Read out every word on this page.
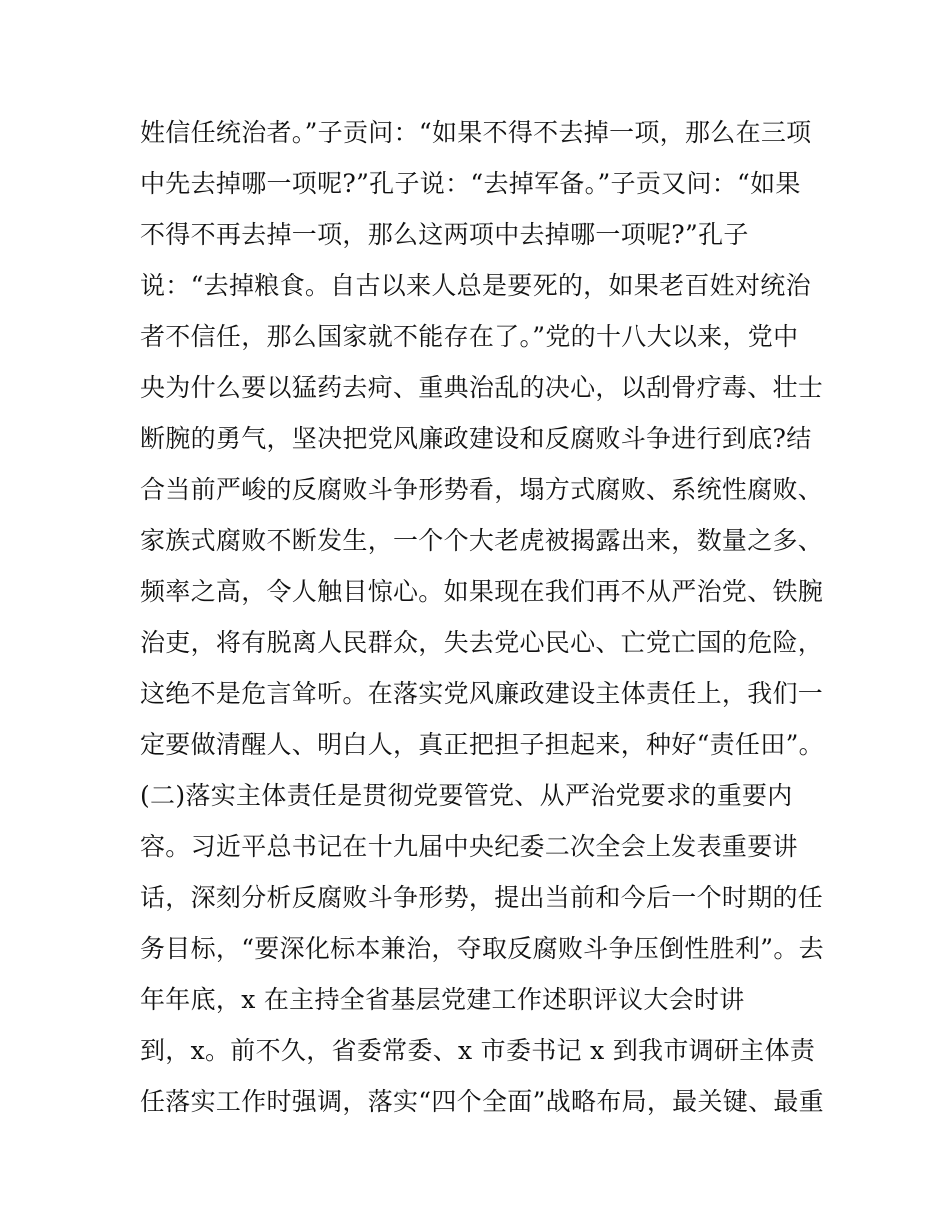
姓信任统治者。”子贡问：“如果不得不去掉一项，那么在三项
中先去掉哪一项呢?”孔子说：“去掉军备。”子贡又问：“如果
不得不再去掉一项，那么这两项中去掉哪一项呢?”孔子
说：“去掉粮食。自古以来人总是要死的，如果老百姓对统治
者不信任，那么国家就不能存在了。”党的十八大以来，党中
央为什么要以猛药去疴、重典治乱的决心，以刮骨疗毒、壮士
断腕的勇气，坚决把党风廉政建设和反腐败斗争进行到底?结
合当前严峻的反腐败斗争形势看，塌方式腐败、系统性腐败、
家族式腐败不断发生，一个个大老虎被揭露出来，数量之多、
频率之高，令人触目惊心。如果现在我们再不从严治党、铁腕
治吏，将有脱离人民群众，失去党心民心、亡党亡国的危险，
这绝不是危言耸听。在落实党风廉政建设主体责任上，我们一
定要做清醒人、明白人，真正把担子担起来，种好“责任田”。
(二)落实主体责任是贯彻党要管党、从严治党要求的重要内
容。习近平总书记在十九届中央纪委二次全会上发表重要讲
话，深刻分析反腐败斗争形势，提出当前和今后一个时期的任
务目标，“要深化标本兼治，夺取反腐败斗争压倒性胜利”。去
年年底，x 在主持全省基层党建工作述职评议大会时讲
到，x。前不久，省委常委、x 市委书记 x 到我市调研主体责
任落实工作时强调，落实“四个全面”战略布局，最关键、最重
